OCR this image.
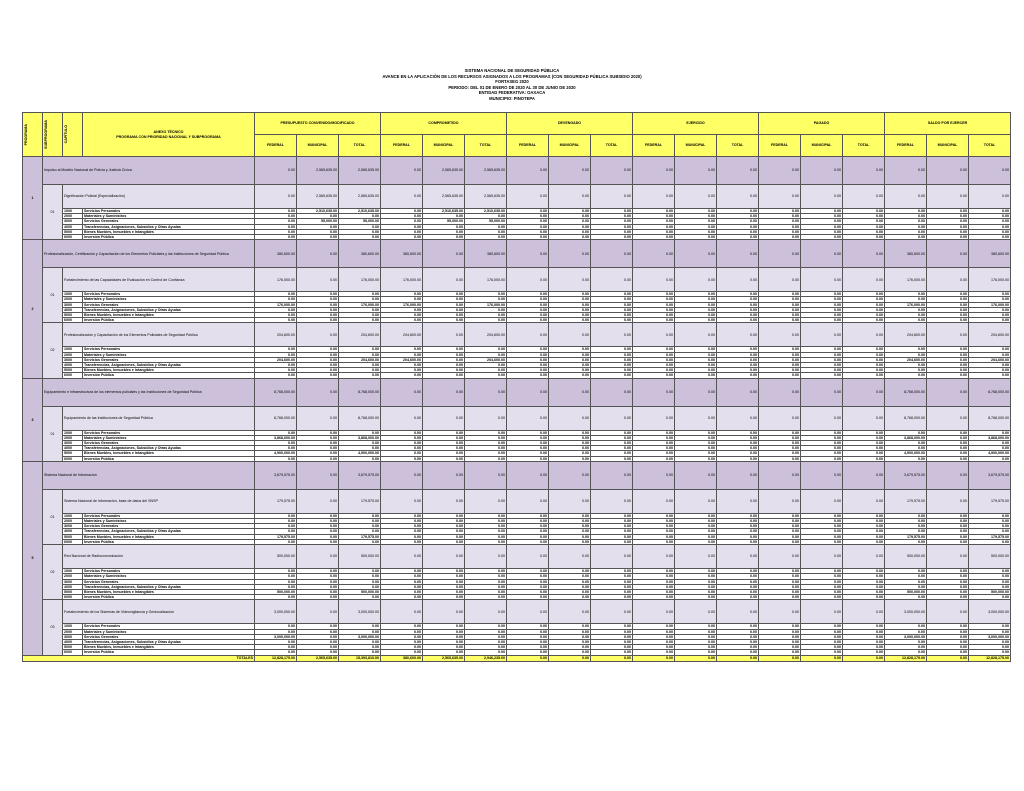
SISTEMA NACIONAL DE SEGURIDAD PÚBLICA
AVANCE EN LA APLICACIÓN DE LOS RECURSOS ASIGNADOS A LOS PROGRAMAS (CON SEGURIDAD PÚBLICA SUBSIDIO 2020)
FORTASEG 2020
PERIODO: DEL 01 DE ENERO DE 2020 AL 30 DE JUNIO DE 2020
ENTIDAD FEDERATIVA: OAXACA
MUNICIPIO: PINOTEPA
PROGRAMA	SUBPROGRAMA	CAPÍTULO	ANEXO TÉCNICO
PROGRAMA CON PRIORIDAD NACIONAL Y SUBPROGRAMA	PRESUPUESTO CONVENIDO/MODIFICADO			COMPROMETIDO			DEVENGADO			EJERCIDO			PAGADO			SALDO POR EJERCER		
				FEDERAL	MUNICIPAL	TOTAL	FEDERAL	MUNICIPAL	TOTAL	FEDERAL	MUNICIPAL	TOTAL	FEDERAL	MUNICIPAL	TOTAL	FEDERAL	MUNICIPAL	TOTAL	FEDERAL	MUNICIPAL	TOTAL
1	Impulso al Modelo Nacional de Policía y Justicia Cívica			0.00	2,565,635.00	2,565,635.00	0.00	2,565,635.00	2,565,635.00	0.00	0.00	0.00	0.00	0.00	0.00	0.00	0.00	0.00	0.00	0.00	0.00
	01	Dignificación Policial (Especialización)		0.00	2,565,635.00	2,565,635.00	0.00	2,565,635.00	2,565,635.00	0.00	0.00	0.00	0.00	0.00	0.00	0.00	0.00	0.00	0.00	0.00	0.00
		1000	Servicios Personales	0.00	2,510,635.00	2,510,635.00	0.00	2,510,635.00	2,510,635.00	0.00	0.00	0.00	0.00	0.00	0.00	0.00	0.00	0.00	0.00	0.00	0.00
		2000	Materiales y Suministros	0.00	0.00	0.00	0.00	0.00	0.00	0.00	0.00	0.00	0.00	0.00	0.00	0.00	0.00	0.00	0.00	0.00	0.00
		3000	Servicios Generales	0.00	55,000.00	55,000.00	0.00	55,000.00	55,000.00	0.00	0.00	0.00	0.00	0.00	0.00	0.00	0.00	0.00	0.00	0.00	0.00
		4000	Transferencias, Asignaciones, Subsidios y Otras Ayudas	0.00	0.00	0.00	0.00	0.00	0.00	0.00	0.00	0.00	0.00	0.00	0.00	0.00	0.00	0.00	0.00	0.00	0.00
		5000	Bienes Muebles, Inmuebles e Intangibles	0.00	0.00	0.00	0.00	0.00	0.00	0.00	0.00	0.00	0.00	0.00	0.00	0.00	0.00	0.00	0.00	0.00	0.00
		6000	Inversión Pública	0.00	0.00	0.00	0.00	0.00	0.00	0.00	0.00	0.00	0.00	0.00	0.00	0.00	0.00	0.00	0.00	0.00	0.00
2	Profesionalización, Certificación y Capacitación de los Elementos Policiales y las Instituciones de Seguridad Pública			380,600.00	0.00	380,600.00	380,600.00	0.00	380,600.00	0.00	0.00	0.00	0.00	0.00	0.00	0.00	0.00	0.00	380,600.00	0.00	380,600.00
	01	Fortalecimiento de las Capacidades de Evaluación en Control de Confianza		176,000.00	0.00	176,000.00	176,000.00	0.00	176,000.00	0.00	0.00	0.00	0.00	0.00	0.00	0.00	0.00	0.00	176,000.00	0.00	176,000.00
		1000	Servicios Personales	0.00	0.00	0.00	0.00	0.00	0.00	0.00	0.00	0.00	0.00	0.00	0.00	0.00	0.00	0.00	0.00	0.00	0.00
		2000	Materiales y Suministros	0.00	0.00	0.00	0.00	0.00	0.00	0.00	0.00	0.00	0.00	0.00	0.00	0.00	0.00	0.00	0.00	0.00	0.00
		3000	Servicios Generales	176,000.00	0.00	176,000.00	176,000.00	0.00	176,000.00	0.00	0.00	0.00	0.00	0.00	0.00	0.00	0.00	0.00	176,000.00	0.00	176,000.00
		4000	Transferencias, Asignaciones, Subsidios y Otras Ayudas	0.00	0.00	0.00	0.00	0.00	0.00	0.00	0.00	0.00	0.00	0.00	0.00	0.00	0.00	0.00	0.00	0.00	0.00
		5000	Bienes Muebles, Inmuebles e Intangibles	0.00	0.00	0.00	0.00	0.00	0.00	0.00	0.00	0.00	0.00	0.00	0.00	0.00	0.00	0.00	0.00	0.00	0.00
		6000	Inversión Pública	0.00	0.00	0.00	0.00	0.00	0.00	0.00	0.00	0.00	0.00	0.00	0.00	0.00	0.00	0.00	0.00	0.00	0.00
	02	Profesionalización y Capacitación de los Elementos Policiales de Seguridad Pública		204,600.00	0.00	204,600.00	204,600.00	0.00	204,600.00	0.00	0.00	0.00	0.00	0.00	0.00	0.00	0.00	0.00	204,600.00	0.00	204,600.00
		1000	Servicios Personales	0.00	0.00	0.00	0.00	0.00	0.00	0.00	0.00	0.00	0.00	0.00	0.00	0.00	0.00	0.00	0.00	0.00	0.00
		2000	Materiales y Suministros	0.00	0.00	0.00	0.00	0.00	0.00	0.00	0.00	0.00	0.00	0.00	0.00	0.00	0.00	0.00	0.00	0.00	0.00
		3000	Servicios Generales	204,600.00	0.00	204,600.00	204,600.00	0.00	204,600.00	0.00	0.00	0.00	0.00	0.00	0.00	0.00	0.00	0.00	204,600.00	0.00	204,600.00
		4000	Transferencias, Asignaciones, Subsidios y Otras Ayudas	0.00	0.00	0.00	0.00	0.00	0.00	0.00	0.00	0.00	0.00	0.00	0.00	0.00	0.00	0.00	0.00	0.00	0.00
		5000	Bienes Muebles, Inmuebles e Intangibles	0.00	0.00	0.00	0.00	0.00	0.00	0.00	0.00	0.00	0.00	0.00	0.00	0.00	0.00	0.00	0.00	0.00	0.00
		6000	Inversión Pública	0.00	0.00	0.00	0.00	0.00	0.00	0.00	0.00	0.00	0.00	0.00	0.00	0.00	0.00	0.00	0.00	0.00	0.00
3	Equipamiento e Infraestructura de los elementos policiales y las Instituciones de Seguridad Pública			8,768,000.00	0.00	8,768,000.00	0.00	0.00	0.00	0.00	0.00	0.00	0.00	0.00	0.00	0.00	0.00	0.00	8,768,000.00	0.00	8,768,000.00
	01	Equipamiento de las Instituciones de Seguridad Pública		8,768,000.00	0.00	8,768,000.00	0.00	0.00	0.00	0.00	0.00	0.00	0.00	0.00	0.00	0.00	0.00	0.00	8,768,000.00	0.00	8,768,000.00
		1000	Servicios Personales	0.00	0.00	0.00	0.00	0.00	0.00	0.00	0.00	0.00	0.00	0.00	0.00	0.00	0.00	0.00	0.00	0.00	0.00
		2000	Materiales y Suministros	3,868,000.00	0.00	3,868,000.00	0.00	0.00	0.00	0.00	0.00	0.00	0.00	0.00	0.00	0.00	0.00	0.00	3,868,000.00	0.00	3,868,000.00
		3000	Servicios Generales	0.00	0.00	0.00	0.00	0.00	0.00	0.00	0.00	0.00	0.00	0.00	0.00	0.00	0.00	0.00	0.00	0.00	0.00
		4000	Transferencias, Asignaciones, Subsidios y Otras Ayudas	0.00	0.00	0.00	0.00	0.00	0.00	0.00	0.00	0.00	0.00	0.00	0.00	0.00	0.00	0.00	0.00	0.00	0.00
		5000	Bienes Muebles, Inmuebles e Intangibles	4,900,000.00	0.00	4,900,000.00	0.00	0.00	0.00	0.00	0.00	0.00	0.00	0.00	0.00	0.00	0.00	0.00	4,900,000.00	0.00	4,900,000.00
		6000	Inversión Pública	0.00	0.00	0.00	0.00	0.00	0.00	0.00	0.00	0.00	0.00	0.00	0.00	0.00	0.00	0.00	0.00	0.00	0.00
5	Sistema Nacional de Información			3,679,575.00	0.00	3,679,575.00	0.00	0.00	0.00	0.00	0.00	0.00	0.00	0.00	0.00	0.00	0.00	0.00	3,679,575.00	0.00	3,679,575.00
	01	Sistema Nacional de Información, base de datos del SNSP		179,575.00	0.00	179,575.00	0.00	0.00	0.00	0.00	0.00	0.00	0.00	0.00	0.00	0.00	0.00	0.00	179,575.00	0.00	179,575.00
		1000	Servicios Personales	0.00	0.00	0.00	0.00	0.00	0.00	0.00	0.00	0.00	0.00	0.00	0.00	0.00	0.00	0.00	0.00	0.00	0.00
		2000	Materiales y Suministros	0.00	0.00	0.00	0.00	0.00	0.00	0.00	0.00	0.00	0.00	0.00	0.00	0.00	0.00	0.00	0.00	0.00	0.00
		3000	Servicios Generales	0.00	0.00	0.00	0.00	0.00	0.00	0.00	0.00	0.00	0.00	0.00	0.00	0.00	0.00	0.00	0.00	0.00	0.00
		4000	Transferencias, Asignaciones, Subsidios y Otras Ayudas	0.00	0.00	0.00	0.00	0.00	0.00	0.00	0.00	0.00	0.00	0.00	0.00	0.00	0.00	0.00	0.00	0.00	0.00
		5000	Bienes Muebles, Inmuebles e Intangibles	179,575.00	0.00	179,575.00	0.00	0.00	0.00	0.00	0.00	0.00	0.00	0.00	0.00	0.00	0.00	0.00	179,575.00	0.00	179,575.00
		6000	Inversión Pública	0.00	0.00	0.00	0.00	0.00	0.00	0.00	0.00	0.00	0.00	0.00	0.00	0.00	0.00	0.00	0.00	0.00	0.00
	02	Red Nacional de Radiocomunicación		500,000.00	0.00	500,000.00	0.00	0.00	0.00	0.00	0.00	0.00	0.00	0.00	0.00	0.00	0.00	0.00	500,000.00	0.00	500,000.00
		1000	Servicios Personales	0.00	0.00	0.00	0.00	0.00	0.00	0.00	0.00	0.00	0.00	0.00	0.00	0.00	0.00	0.00	0.00	0.00	0.00
		2000	Materiales y Suministros	0.00	0.00	0.00	0.00	0.00	0.00	0.00	0.00	0.00	0.00	0.00	0.00	0.00	0.00	0.00	0.00	0.00	0.00
		3000	Servicios Generales	0.00	0.00	0.00	0.00	0.00	0.00	0.00	0.00	0.00	0.00	0.00	0.00	0.00	0.00	0.00	0.00	0.00	0.00
		4000	Transferencias, Asignaciones, Subsidios y Otras Ayudas	0.00	0.00	0.00	0.00	0.00	0.00	0.00	0.00	0.00	0.00	0.00	0.00	0.00	0.00	0.00	0.00	0.00	0.00
		5000	Bienes Muebles, Inmuebles e Intangibles	500,000.00	0.00	500,000.00	0.00	0.00	0.00	0.00	0.00	0.00	0.00	0.00	0.00	0.00	0.00	0.00	500,000.00	0.00	500,000.00
		6000	Inversión Pública	0.00	0.00	0.00	0.00	0.00	0.00	0.00	0.00	0.00	0.00	0.00	0.00	0.00	0.00	0.00	0.00	0.00	0.00
	03	Fortalecimiento de los Sistemas de Videovigilancia y Geolocalización		3,000,000.00	0.00	3,000,000.00	0.00	0.00	0.00	0.00	0.00	0.00	0.00	0.00	0.00	0.00	0.00	0.00	3,000,000.00	0.00	3,000,000.00
		1000	Servicios Personales	0.00	0.00	0.00	0.00	0.00	0.00	0.00	0.00	0.00	0.00	0.00	0.00	0.00	0.00	0.00	0.00	0.00	0.00
		2000	Materiales y Suministros	0.00	0.00	0.00	0.00	0.00	0.00	0.00	0.00	0.00	0.00	0.00	0.00	0.00	0.00	0.00	0.00	0.00	0.00
		3000	Servicios Generales	3,000,000.00	0.00	3,000,000.00	0.00	0.00	0.00	0.00	0.00	0.00	0.00	0.00	0.00	0.00	0.00	0.00	3,000,000.00	0.00	3,000,000.00
		4000	Transferencias, Asignaciones, Subsidios y Otras Ayudas	0.00	0.00	0.00	0.00	0.00	0.00	0.00	0.00	0.00	0.00	0.00	0.00	0.00	0.00	0.00	0.00	0.00	0.00
		5000	Bienes Muebles, Inmuebles e Intangibles	0.00	0.00	0.00	0.00	0.00	0.00	0.00	0.00	0.00	0.00	0.00	0.00	0.00	0.00	0.00	0.00	0.00	0.00
		6000	Inversión Pública	0.00	0.00	0.00	0.00	0.00	0.00	0.00	0.00	0.00	0.00	0.00	0.00	0.00	0.00	0.00	0.00	0.00	0.00
TOTALES				12,828,175.00	2,565,635.00	15,393,810.00	380,600.00	2,565,635.00	2,946,235.00	0.00	0.00	0.00	0.00	0.00	0.00	0.00	0.00	0.00	12,828,175.00	0.00	12,828,175.00
